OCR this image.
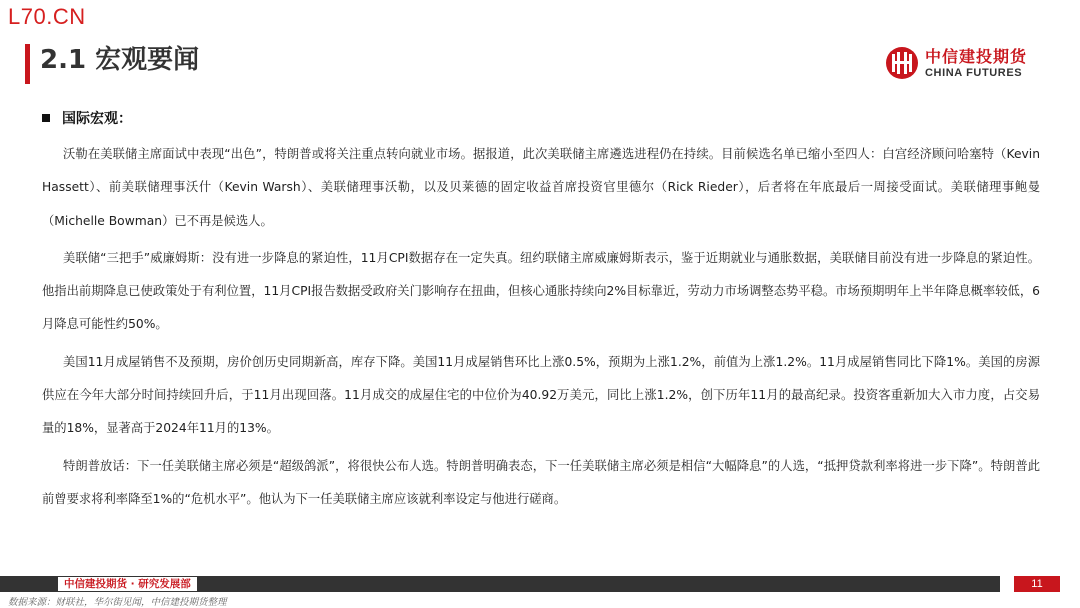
L70.CN
2.1 宏观要闻	中信建投期货
CHINA FUTURES
国际宏观：

沃勒在美联储主席面试中表现“出色”，特朗普或将关注重点转向就业市场。据报道，此次美联储主席遴选进程仍在持续。目前候选名单已缩小至四人：白宫经济顾问哈塞特（Kevin Hassett）、前美联储理事沃什（Kevin Warsh）、美联储理事沃勒，以及贝莱德的固定收益首席投资官里德尔（Rick Rieder），后者将在年底最后一周接受面试。美联储理事鲍曼（Michelle Bowman）已不再是候选人。

美联储“三把手”威廉姆斯：没有进一步降息的紧迫性，11月CPI数据存在一定失真。纽约联储主席威廉姆斯表示，鉴于近期就业与通胀数据，美联储目前没有进一步降息的紧迫性。他指出前期降息已使政策处于有利位置，11月CPI报告数据受政府关门影响存在扭曲，但核心通胀持续向2%目标靠近，劳动力市场调整态势平稳。市场预期明年上半年降息概率较低，6月降息可能性约50%。

美国11月成屋销售不及预期，房价创历史同期新高，库存下降。美国11月成屋销售环比上涨0.5%，预期为上涨1.2%，前值为上涨1.2%。11月成屋销售同比下降1%。美国的房源供应在今年大部分时间持续回升后，于11月出现回落。11月成交的成屋住宅的中位价为40.92万美元，同比上涨1.2%，创下历年11月的最高纪录。投资客重新加大入市力度，占交易量的18%，显著高于2024年11月的13%。

特朗普放话：下一任美联储主席必须是“超级鸽派”，将很快公布人选。特朗普明确表态，下一任美联储主席必须是相信“大幅降息”的人选，“抵押贷款利率将进一步下降”。特朗普此前曾要求将利率降至1%的“危机水平”。他认为下一任美联储主席应该就利率设定与他进行磋商。

中信建投期货 · 研究发展部	11
数据来源：财联社，华尔街见闻，中信建投期货整理
